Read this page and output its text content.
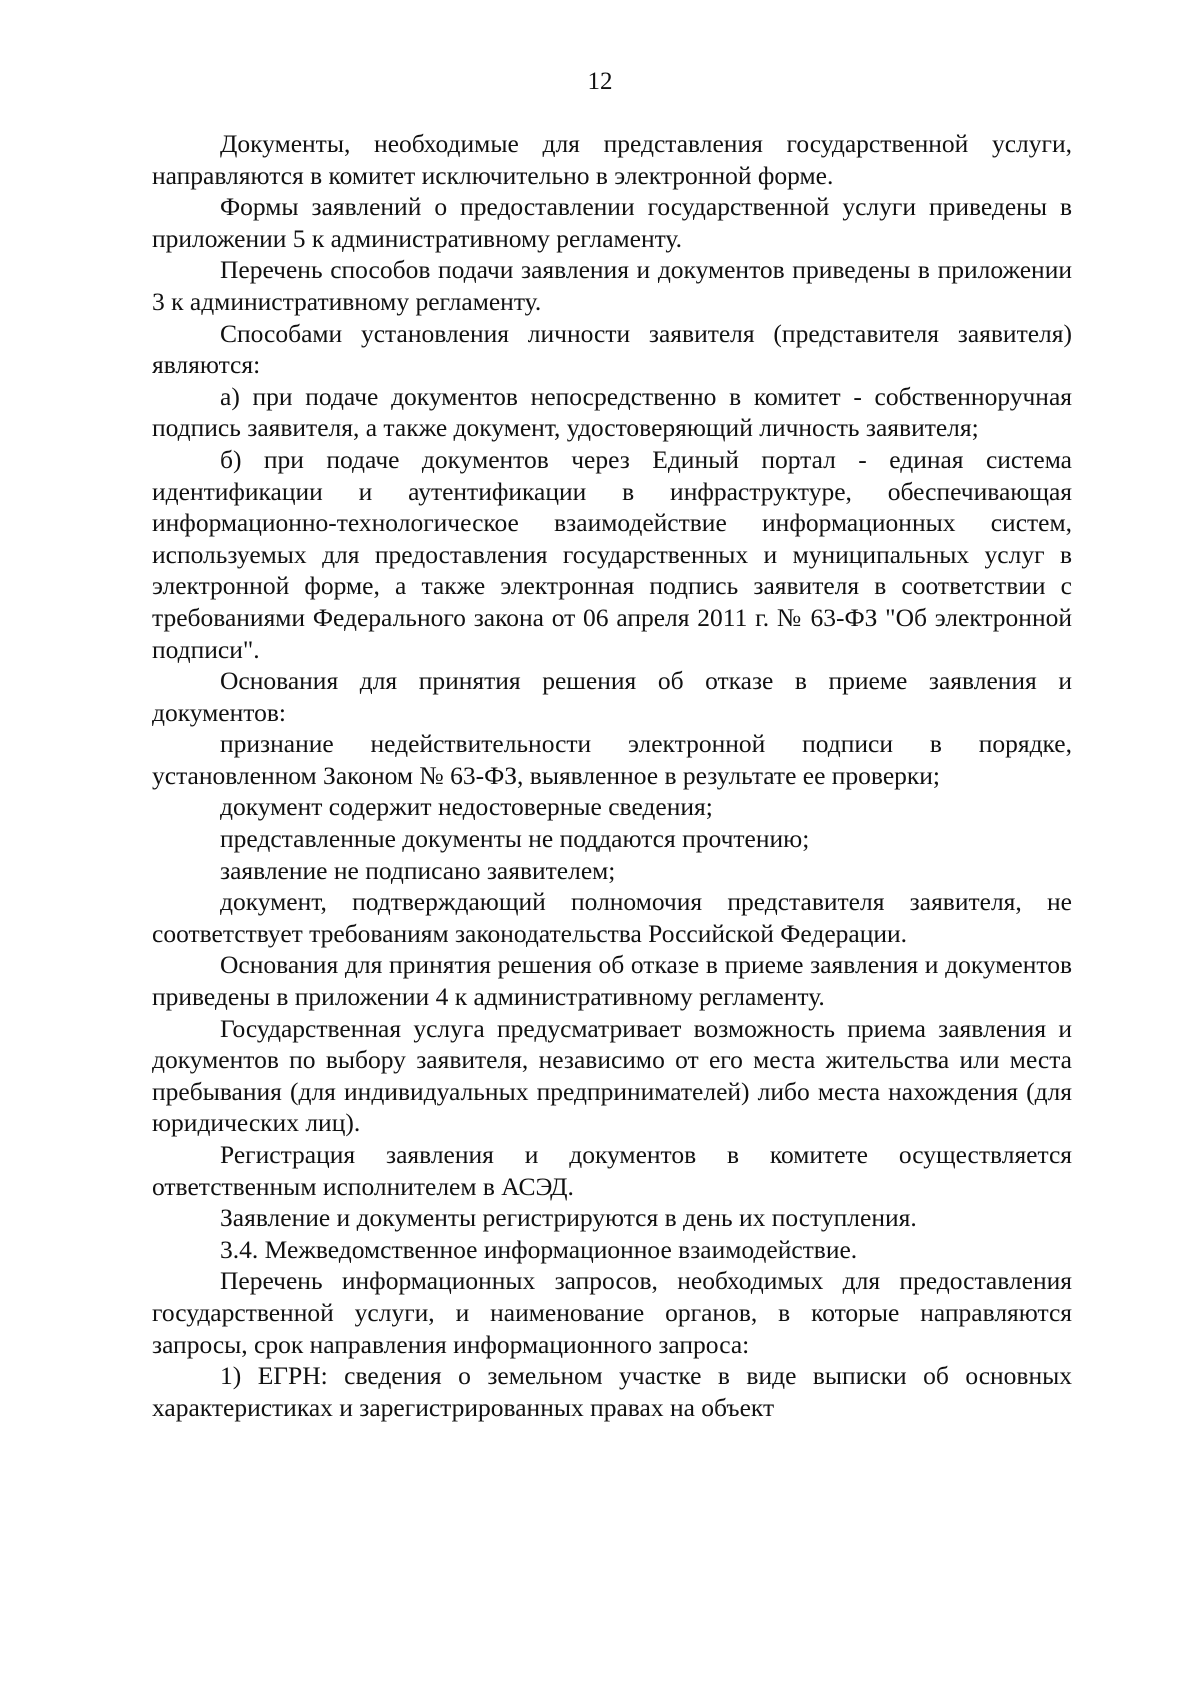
12

Документы, необходимые для представления государственной услуги, направляются в комитет исключительно в электронной форме.

Формы заявлений о предоставлении государственной услуги приведены в приложении 5 к административному регламенту.

Перечень способов подачи заявления и документов приведены в приложении 3 к административному регламенту.

Способами установления личности заявителя (представителя заявителя) являются:

а) при подаче документов непосредственно в комитет - собственноручная подпись заявителя, а также документ, удостоверяющий личность заявителя;

б) при подаче документов через Единый портал - единая система идентификации и аутентификации в инфраструктуре, обеспечивающая информационно-технологическое взаимодействие информационных систем, используемых для предоставления государственных и муниципальных услуг в электронной форме, а также электронная подпись заявителя в соответствии с требованиями Федерального закона от 06 апреля 2011 г. № 63-ФЗ "Об электронной подписи".

Основания для принятия решения об отказе в приеме заявления и документов:

признание недействительности электронной подписи в порядке, установленном Законом № 63-ФЗ, выявленное в результате ее проверки;

документ содержит недостоверные сведения;

представленные документы не поддаются прочтению;

заявление не подписано заявителем;

документ, подтверждающий полномочия представителя заявителя, не соответствует требованиям законодательства Российской Федерации.

Основания для принятия решения об отказе в приеме заявления и документов приведены в приложении 4 к административному регламенту.

Государственная услуга предусматривает возможность приема заявления и документов по выбору заявителя, независимо от его места жительства или места пребывания (для индивидуальных предпринимателей) либо места нахождения (для юридических лиц).

Регистрация заявления и документов в комитете осуществляется ответственным исполнителем в АСЭД.

Заявление и документы регистрируются в день их поступления.

3.4. Межведомственное информационное взаимодействие.

Перечень информационных запросов, необходимых для предоставления государственной услуги, и наименование органов, в которые направляются запросы, срок направления информационного запроса:

1) ЕГРН: сведения о земельном участке в виде выписки об основных характеристиках и зарегистрированных правах на объект
